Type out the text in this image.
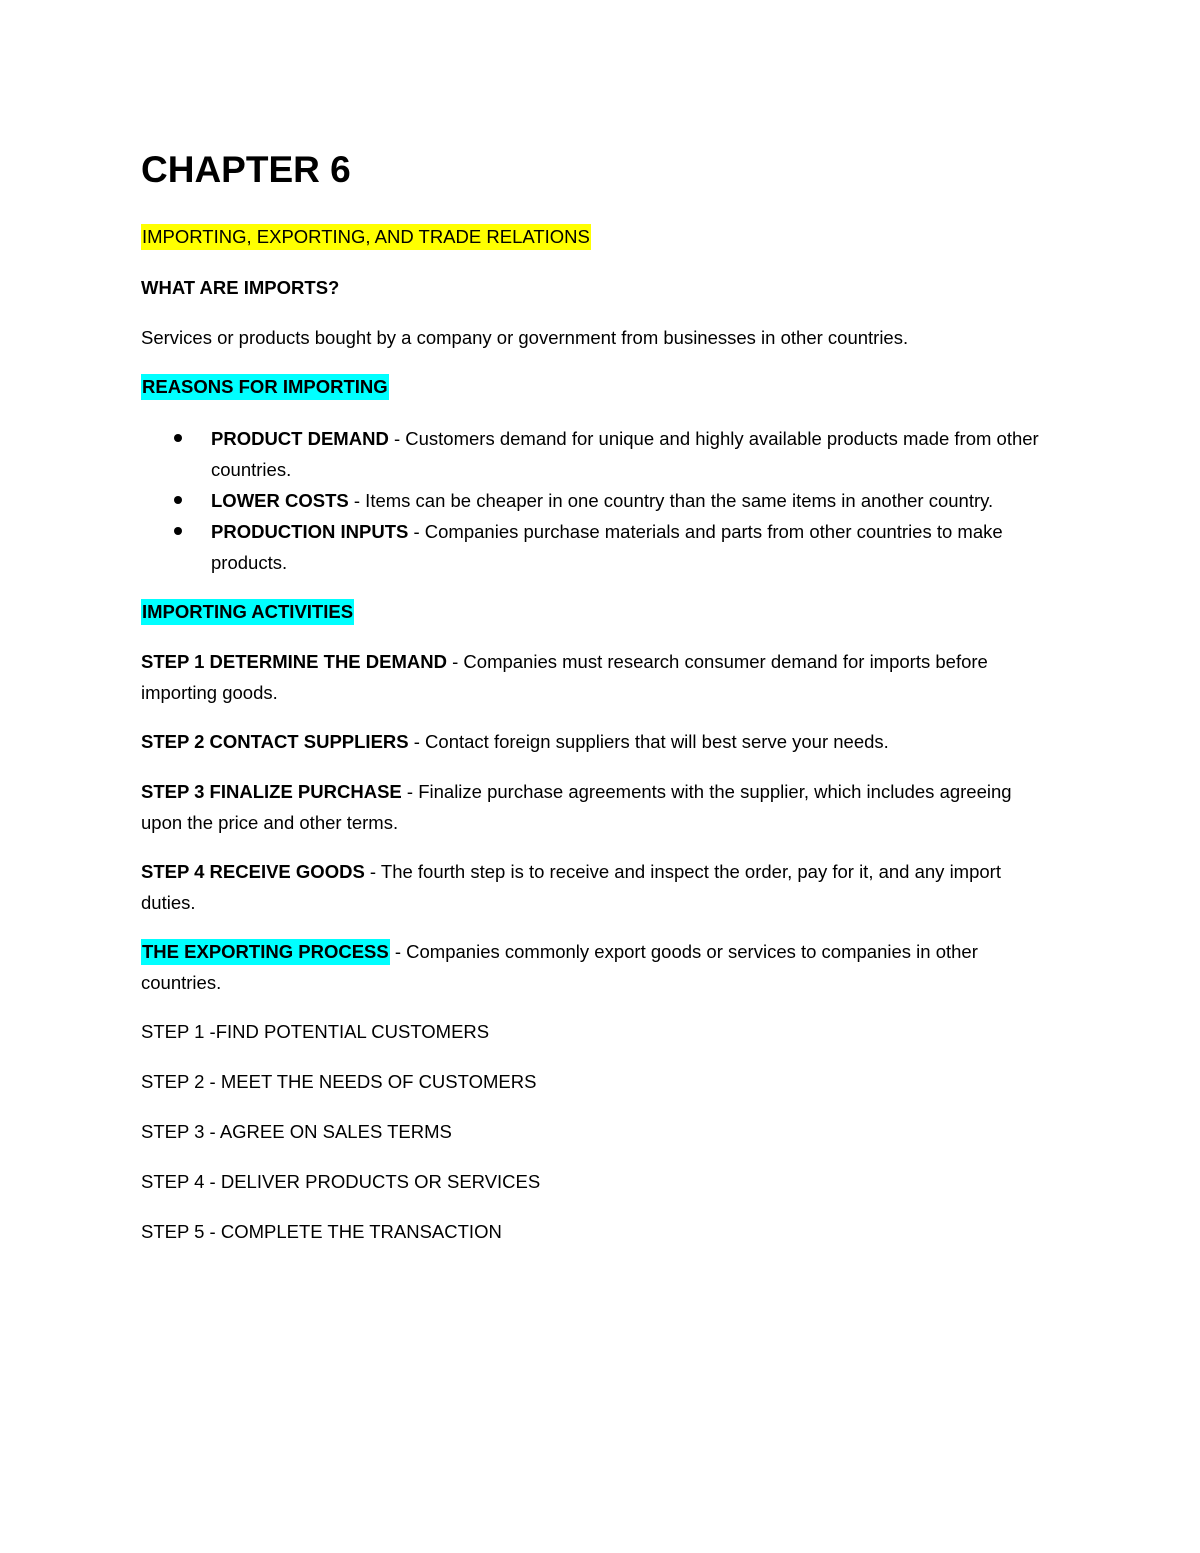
CHAPTER 6
IMPORTING, EXPORTING, AND TRADE RELATIONS
WHAT ARE IMPORTS?
Services or products bought by a company or government from businesses in other countries.
REASONS FOR IMPORTING
PRODUCT DEMAND - Customers demand for unique and highly available products made from other countries.
LOWER COSTS - Items can be cheaper in one country than the same items in another country.
PRODUCTION INPUTS - Companies purchase materials and parts from other countries to make products.
IMPORTING ACTIVITIES
STEP 1 DETERMINE THE DEMAND - Companies must research consumer demand for imports before importing goods.
STEP 2 CONTACT SUPPLIERS - Contact foreign suppliers that will best serve your needs.
STEP 3 FINALIZE PURCHASE - Finalize purchase agreements with the supplier, which includes agreeing upon the price and other terms.
STEP 4 RECEIVE GOODS - The fourth step is to receive and inspect the order, pay for it, and any import duties.
THE EXPORTING PROCESS - Companies commonly export goods or services to companies in other countries.
STEP 1 -FIND POTENTIAL CUSTOMERS
STEP 2 - MEET THE NEEDS OF CUSTOMERS
STEP 3 - AGREE ON SALES TERMS
STEP 4 - DELIVER PRODUCTS OR SERVICES
STEP 5 - COMPLETE THE TRANSACTION
